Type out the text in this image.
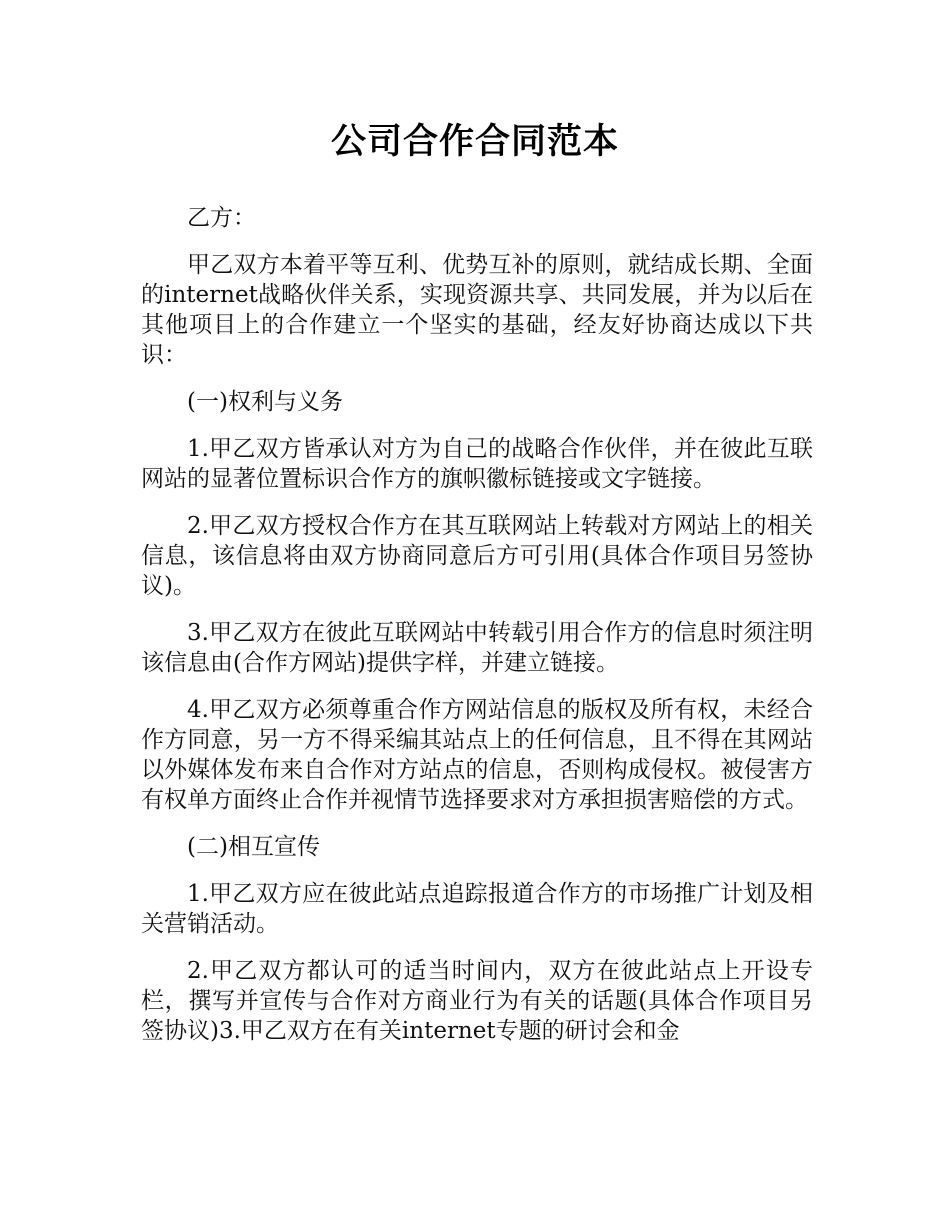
公司合作合同范本

乙方：

甲乙双方本着平等互利、优势互补的原则，就结成长期、全面的internet战略伙伴关系，实现资源共享、共同发展，并为以后在其他项目上的合作建立一个坚实的基础，经友好协商达成以下共识：

(一)权利与义务

1.甲乙双方皆承认对方为自己的战略合作伙伴，并在彼此互联网站的显著位置标识合作方的旗帜徽标链接或文字链接。

2.甲乙双方授权合作方在其互联网站上转载对方网站上的相关信息，该信息将由双方协商同意后方可引用(具体合作项目另签协议)。

3.甲乙双方在彼此互联网站中转载引用合作方的信息时须注明该信息由(合作方网站)提供字样，并建立链接。

4.甲乙双方必须尊重合作方网站信息的版权及所有权，未经合作方同意，另一方不得采编其站点上的任何信息，且不得在其网站以外媒体发布来自合作对方站点的信息，否则构成侵权。被侵害方有权单方面终止合作并视情节选择要求对方承担损害赔偿的方式。

(二)相互宣传

1.甲乙双方应在彼此站点追踪报道合作方的市场推广计划及相关营销活动。

2.甲乙双方都认可的适当时间内，双方在彼此站点上开设专栏，撰写并宣传与合作对方商业行为有关的话题(具体合作项目另签协议)3.甲乙双方在有关internet专题的研讨会和金
